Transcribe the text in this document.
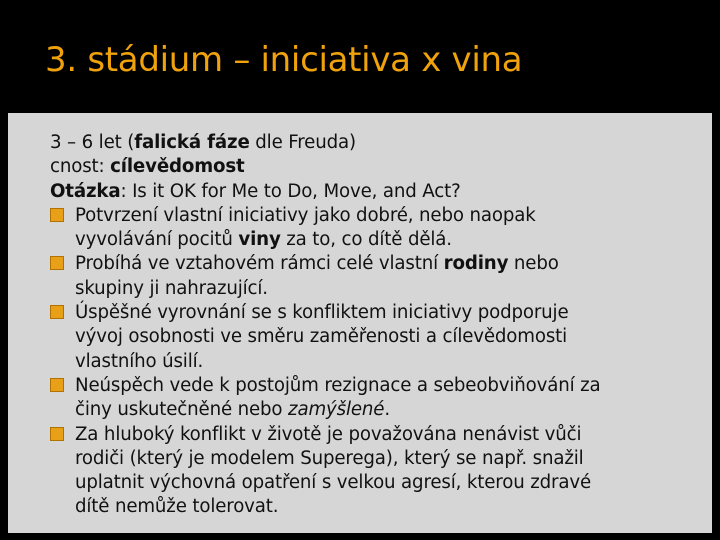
3. stádium – iniciativa x vina
3 – 6 let (falická fáze dle Freuda)
cnost: cílevědomost
Otázka: Is it OK for Me to Do, Move, and Act?
Potvrzení vlastní iniciativy jako dobré, nebo naopak
vyvolávání pocitů viny za to, co dítě dělá.
Probíhá ve vztahovém rámci celé vlastní rodiny nebo
skupiny ji nahrazující.
Úspěšné vyrovnání se s konfliktem iniciativy podporuje
vývoj osobnosti ve směru zaměřenosti a cílevědomosti
vlastního úsilí.
Neúspěch vede k postojům rezignace a sebeobviňování za
činy uskutečněné nebo zamýšlené.
Za hluboký konflikt v životě je považována nenávist vůči
rodiči (který je modelem Superega), který se např. snažil
uplatnit výchovná opatření s velkou agresí, kterou zdravé
dítě nemůže tolerovat.
